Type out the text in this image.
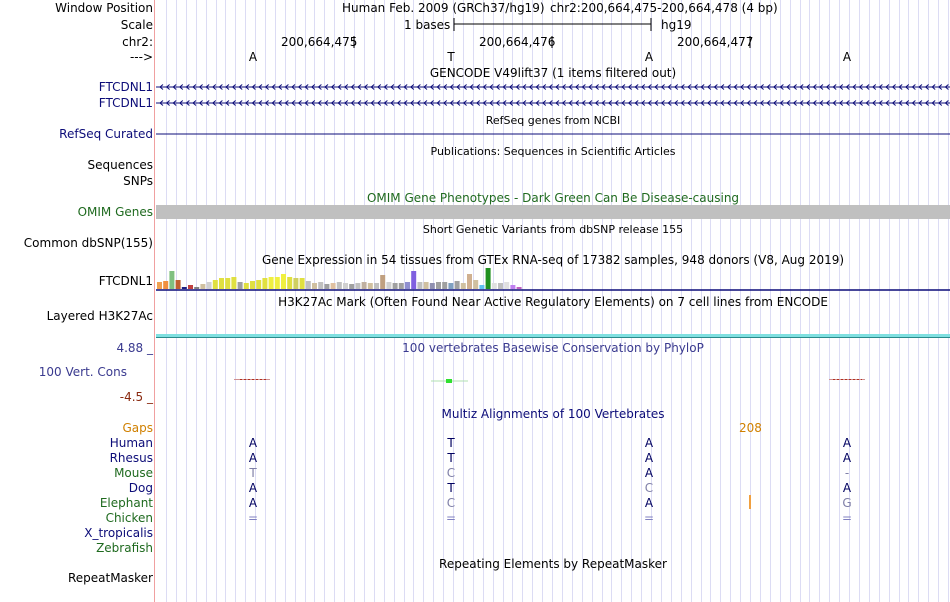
Window Position	Human Feb. 2009 (GRCh37/hg19) chr2:200,664,475-200,664,478 (4 bp)
Scale	1 bases	hg19
chr2:	200,664,475	200,664,476	200,664,477
--->	A	T	A	A
GENCODE V49lift37 (1 items filtered out)
FTCDNL1
FTCDNL1
RefSeq genes from NCBI
RefSeq Curated
Publications: Sequences in Scientific Articles
Sequences
SNPs
OMIM Gene Phenotypes - Dark Green Can Be Disease-causing
OMIM Genes
Short Genetic Variants from dbSNP release 155
Common dbSNP(155)
Gene Expression in 54 tissues from GTEx RNA-seq of 17382 samples, 948 donors (V8, Aug 2019)
FTCDNL1
H3K27Ac Mark (Often Found Near Active Regulatory Elements) on 7 cell lines from ENCODE
Layered H3K27Ac
100 vertebrates Basewise Conservation by PhyloP
4.88 _
100 Vert. Cons
-4.5 _
Multiz Alignments of 100 Vertebrates
Gaps	208
Human	A	T	A	A
Rhesus	A	T	A	A
Mouse	T	C	A	-
Dog	A	T	C	A
Elephant	A	C	A	G
Chicken	=	=	=	=
X_tropicalis
Zebrafish
Repeating Elements by RepeatMasker
RepeatMasker
